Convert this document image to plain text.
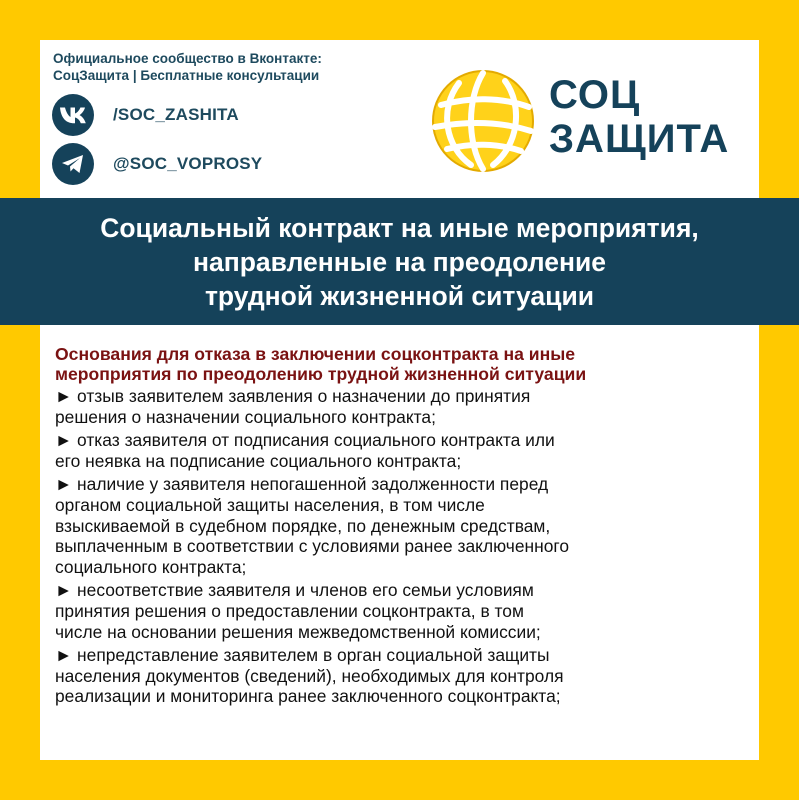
Официальное сообщество в Вконтакте:
СоцЗащита | Бесплатные консультации
/SOC_ZASHITA
@SOC_VOPROSY
СОЦ
ЗАЩИТА
Социальный контракт на иные мероприятия,
направленные на преодоление
трудной жизненной ситуации
Основания для отказа в заключении соцконтракта на иные
мероприятия по преодолению трудной жизненной ситуации
► отзыв заявителем заявления о назначении до принятия
решения о назначении социального контракта;
► отказ заявителя от подписания социального контракта или
его неявка на подписание социального контракта;
► наличие у заявителя непогашенной задолженности перед
органом социальной защиты населения, в том числе
взыскиваемой в судебном порядке, по денежным средствам,
выплаченным в соответствии с условиями ранее заключенного
социального контракта;
► несоответствие заявителя и членов его семьи условиям
принятия решения о предоставлении соцконтракта, в том
числе на основании решения межведомственной комиссии;
► непредставление заявителем в орган социальной защиты
населения документов (сведений), необходимых для контроля
реализации и мониторинга ранее заключенного соцконтракта;
